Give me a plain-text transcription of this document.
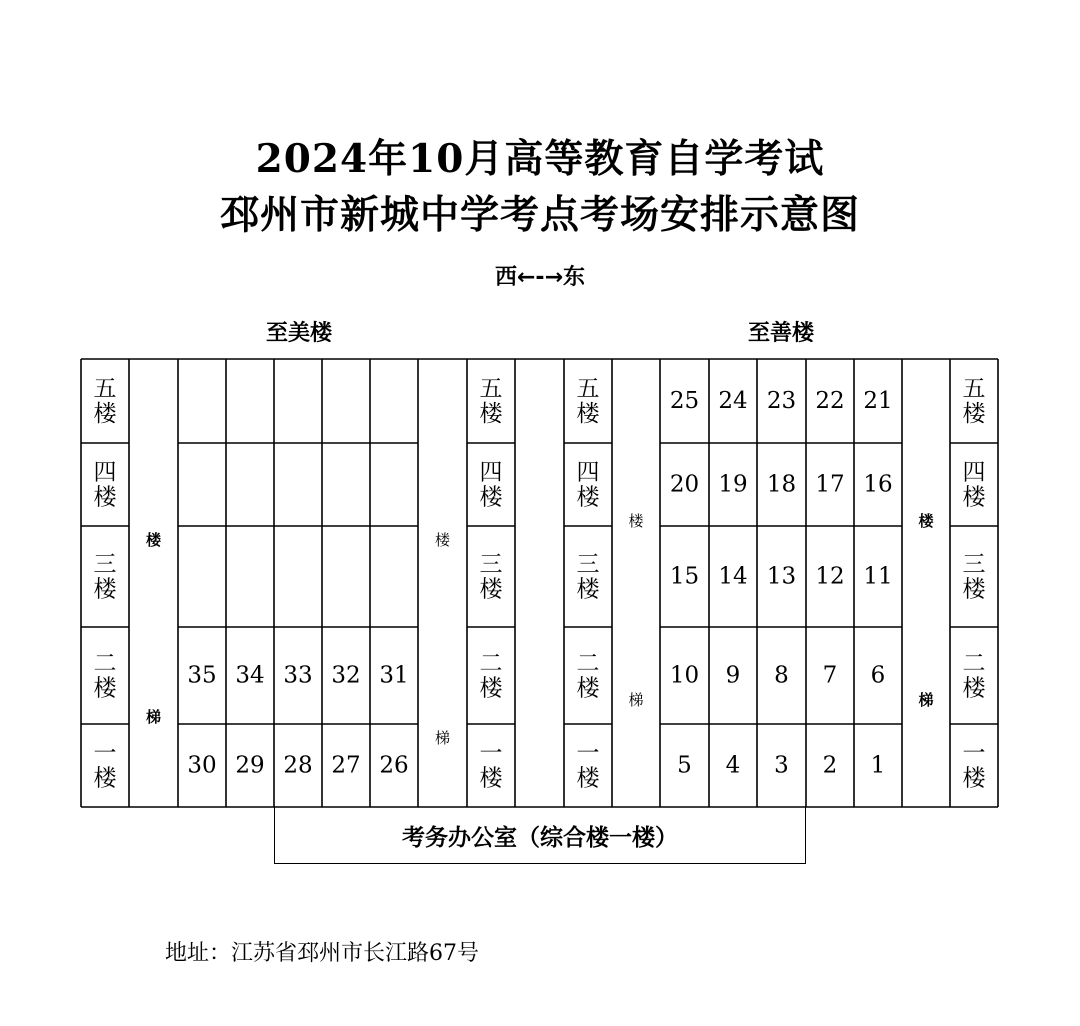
2024年10月高等教育自学考试
邳州市新城中学考点考场安排示意图
西←-→东
至美楼	至善楼
五
楼
四
楼
三
楼
二
楼
一
楼
五
楼
四
楼
三
楼
二
楼
一
楼
五
楼
四
楼
三
楼
二
楼
一
楼
五
楼
四
楼
三
楼
二
楼
一
楼
楼
梯
楼
梯
楼
梯
楼
梯
35 34 33 32 31
30 29 28 27 26
25 24 23 22 21
20 19 18 17 16
15 14 13 12 11
10 9 8 7 6
5 4 3 2 1
考务办公室（综合楼一楼）
地址：江苏省邳州市长江路67号
